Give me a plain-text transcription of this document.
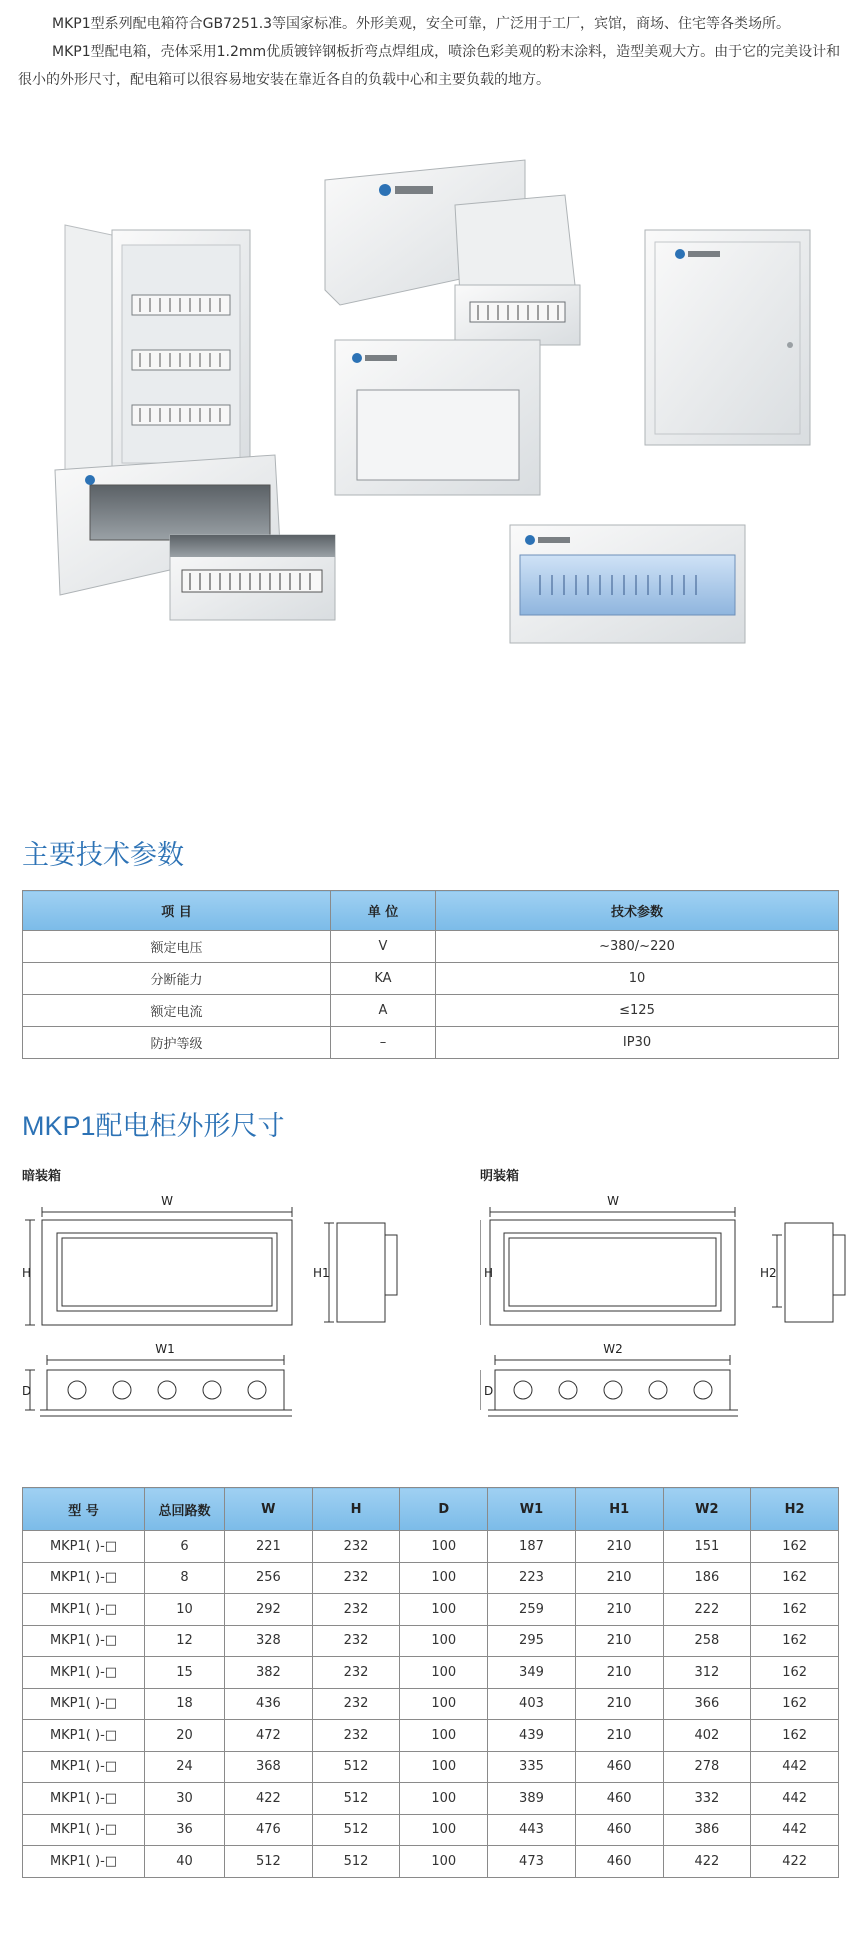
MKP1型系列配电箱符合GB7251.3等国家标准。外形美观，安全可靠，广泛用于工厂，宾馆，商场、住宅等各类场所。

MKP1型配电箱，壳体采用1.2mm优质镀锌钢板折弯点焊组成，喷涂色彩美观的粉末涂料，造型美观大方。由于它的完美设计和很小的外形尺寸，配电箱可以很容易地安装在靠近各自的负载中心和主要负载的地方。

主要技术参数
项 目	单 位	技术参数
额定电压	V	~380/~220
分断能力	KA	10
额定电流	A	≤125
防护等级	–	IP30
MKP1配电柜外形尺寸
暗装箱
W
H	H1
W1
D
明装箱
W
H	H2
W2
D
型 号	总回路数	W	H	D	W1	H1	W2	H2
MKP1( )-□	6	221	232	100	187	210	151	162
MKP1( )-□	8	256	232	100	223	210	186	162
MKP1( )-□	10	292	232	100	259	210	222	162
MKP1( )-□	12	328	232	100	295	210	258	162
MKP1( )-□	15	382	232	100	349	210	312	162
MKP1( )-□	18	436	232	100	403	210	366	162
MKP1( )-□	20	472	232	100	439	210	402	162
MKP1( )-□	24	368	512	100	335	460	278	442
MKP1( )-□	30	422	512	100	389	460	332	442
MKP1( )-□	36	476	512	100	443	460	386	442
MKP1( )-□	40	512	512	100	473	460	422	422
